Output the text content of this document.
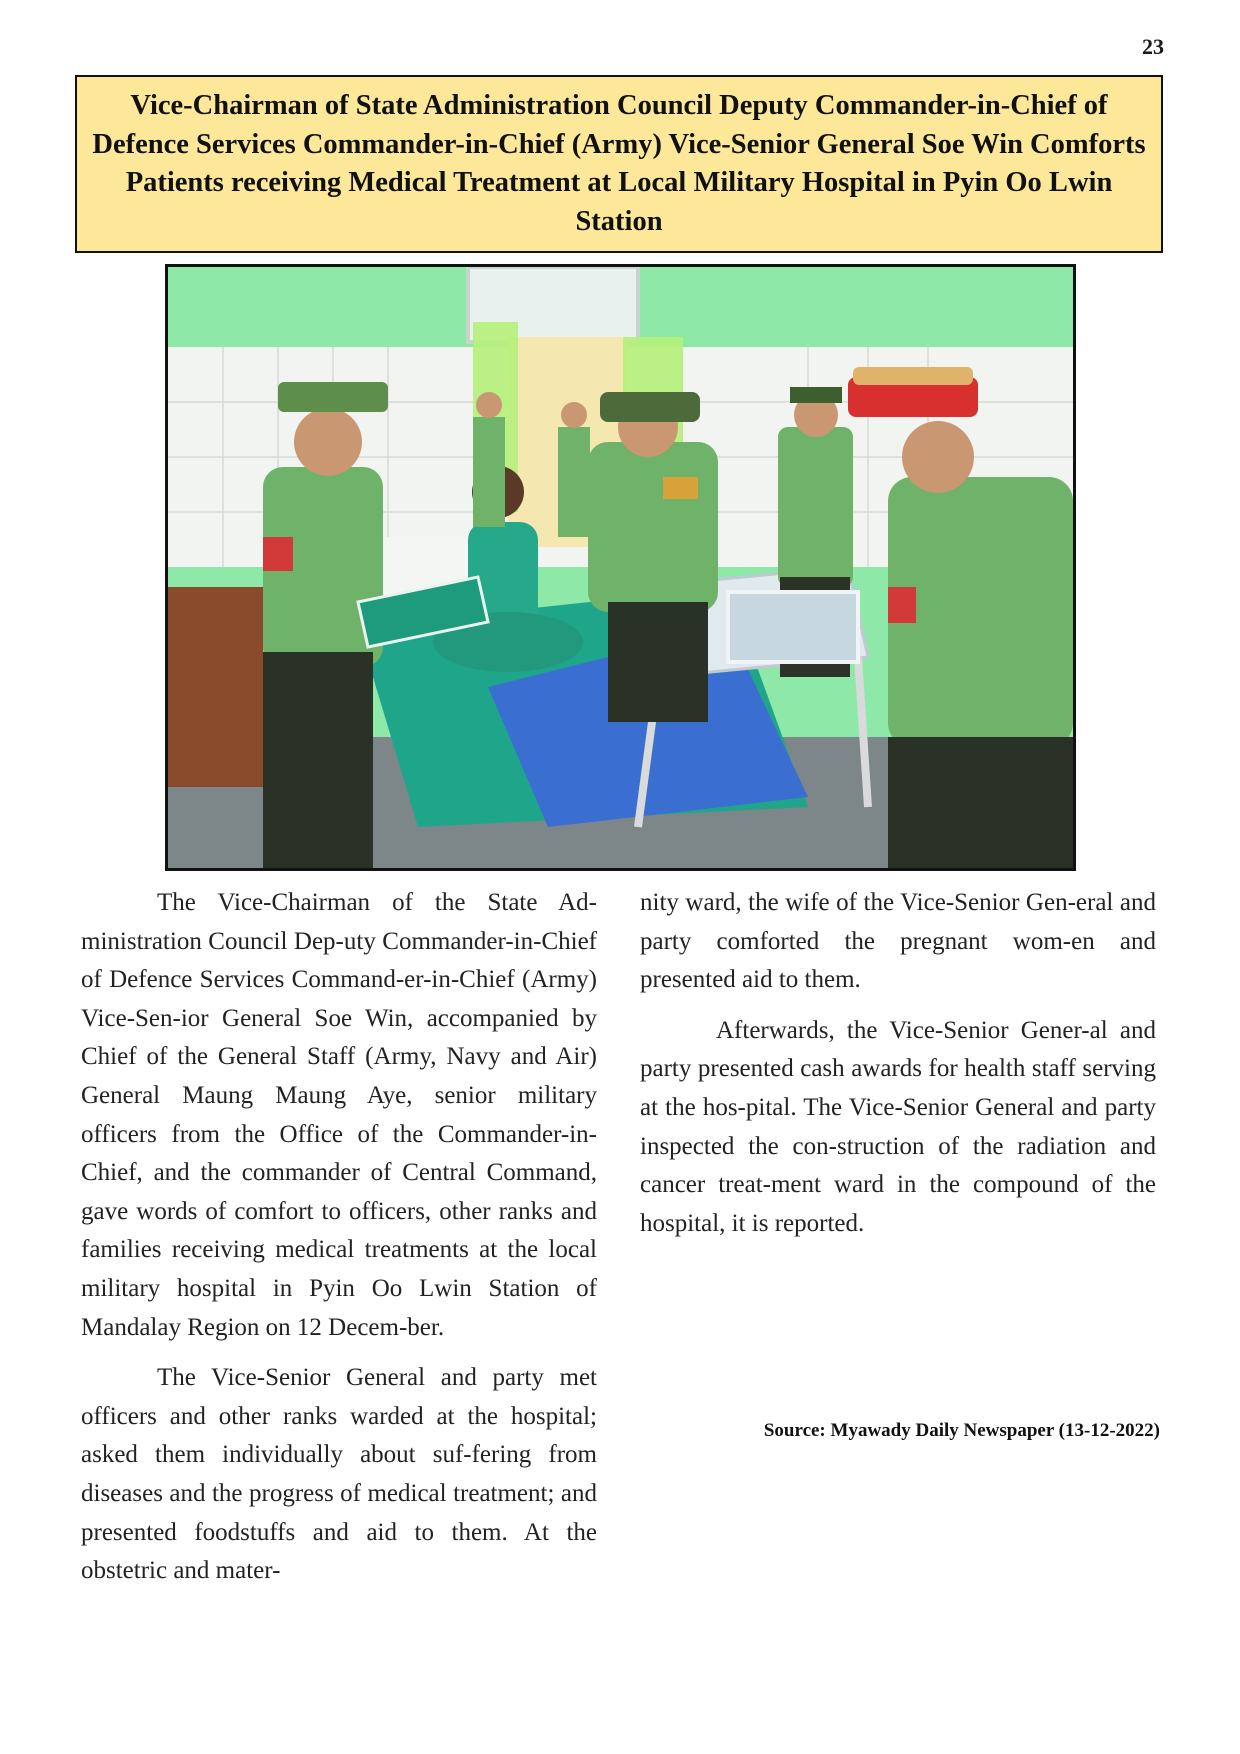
23
Vice-Chairman of State Administration Council Deputy Commander-in-Chief of Defence Services Commander-in-Chief (Army) Vice-Senior General Soe Win Comforts Patients receiving Medical Treatment at Local Military Hospital in Pyin Oo Lwin Station

The Vice-Chairman of the State Ad-ministration Council Dep-uty Commander-in-Chief of Defence Services Command-er-in-Chief (Army) Vice-Sen-ior General Soe Win, accompanied by Chief of the General Staff (Army, Navy and Air) General Maung Maung Aye, senior military officers from the Office of the Commander-in-Chief, and the commander of Central Command, gave words of comfort to officers, other ranks and families receiving medical treatments at the local military hospital in Pyin Oo Lwin Station of Mandalay Region on 12 Decem-ber.

The Vice-Senior General and party met officers and other ranks warded at the hospital; asked them individually about suf-fering from diseases and the progress of medical treatment; and presented foodstuffs and aid to them. At the obstetric and mater-

nity ward, the wife of the Vice-Senior Gen-eral and party comforted the pregnant wom-en and presented aid to them.

Afterwards, the Vice-Senior Gener-al and party presented cash awards for health staff serving at the hos-pital. The Vice-Senior General and party inspected the con-struction of the radiation and cancer treat-ment ward in the compound of the hospital, it is reported.

Source: Myawady Daily Newspaper (13-12-2022)
